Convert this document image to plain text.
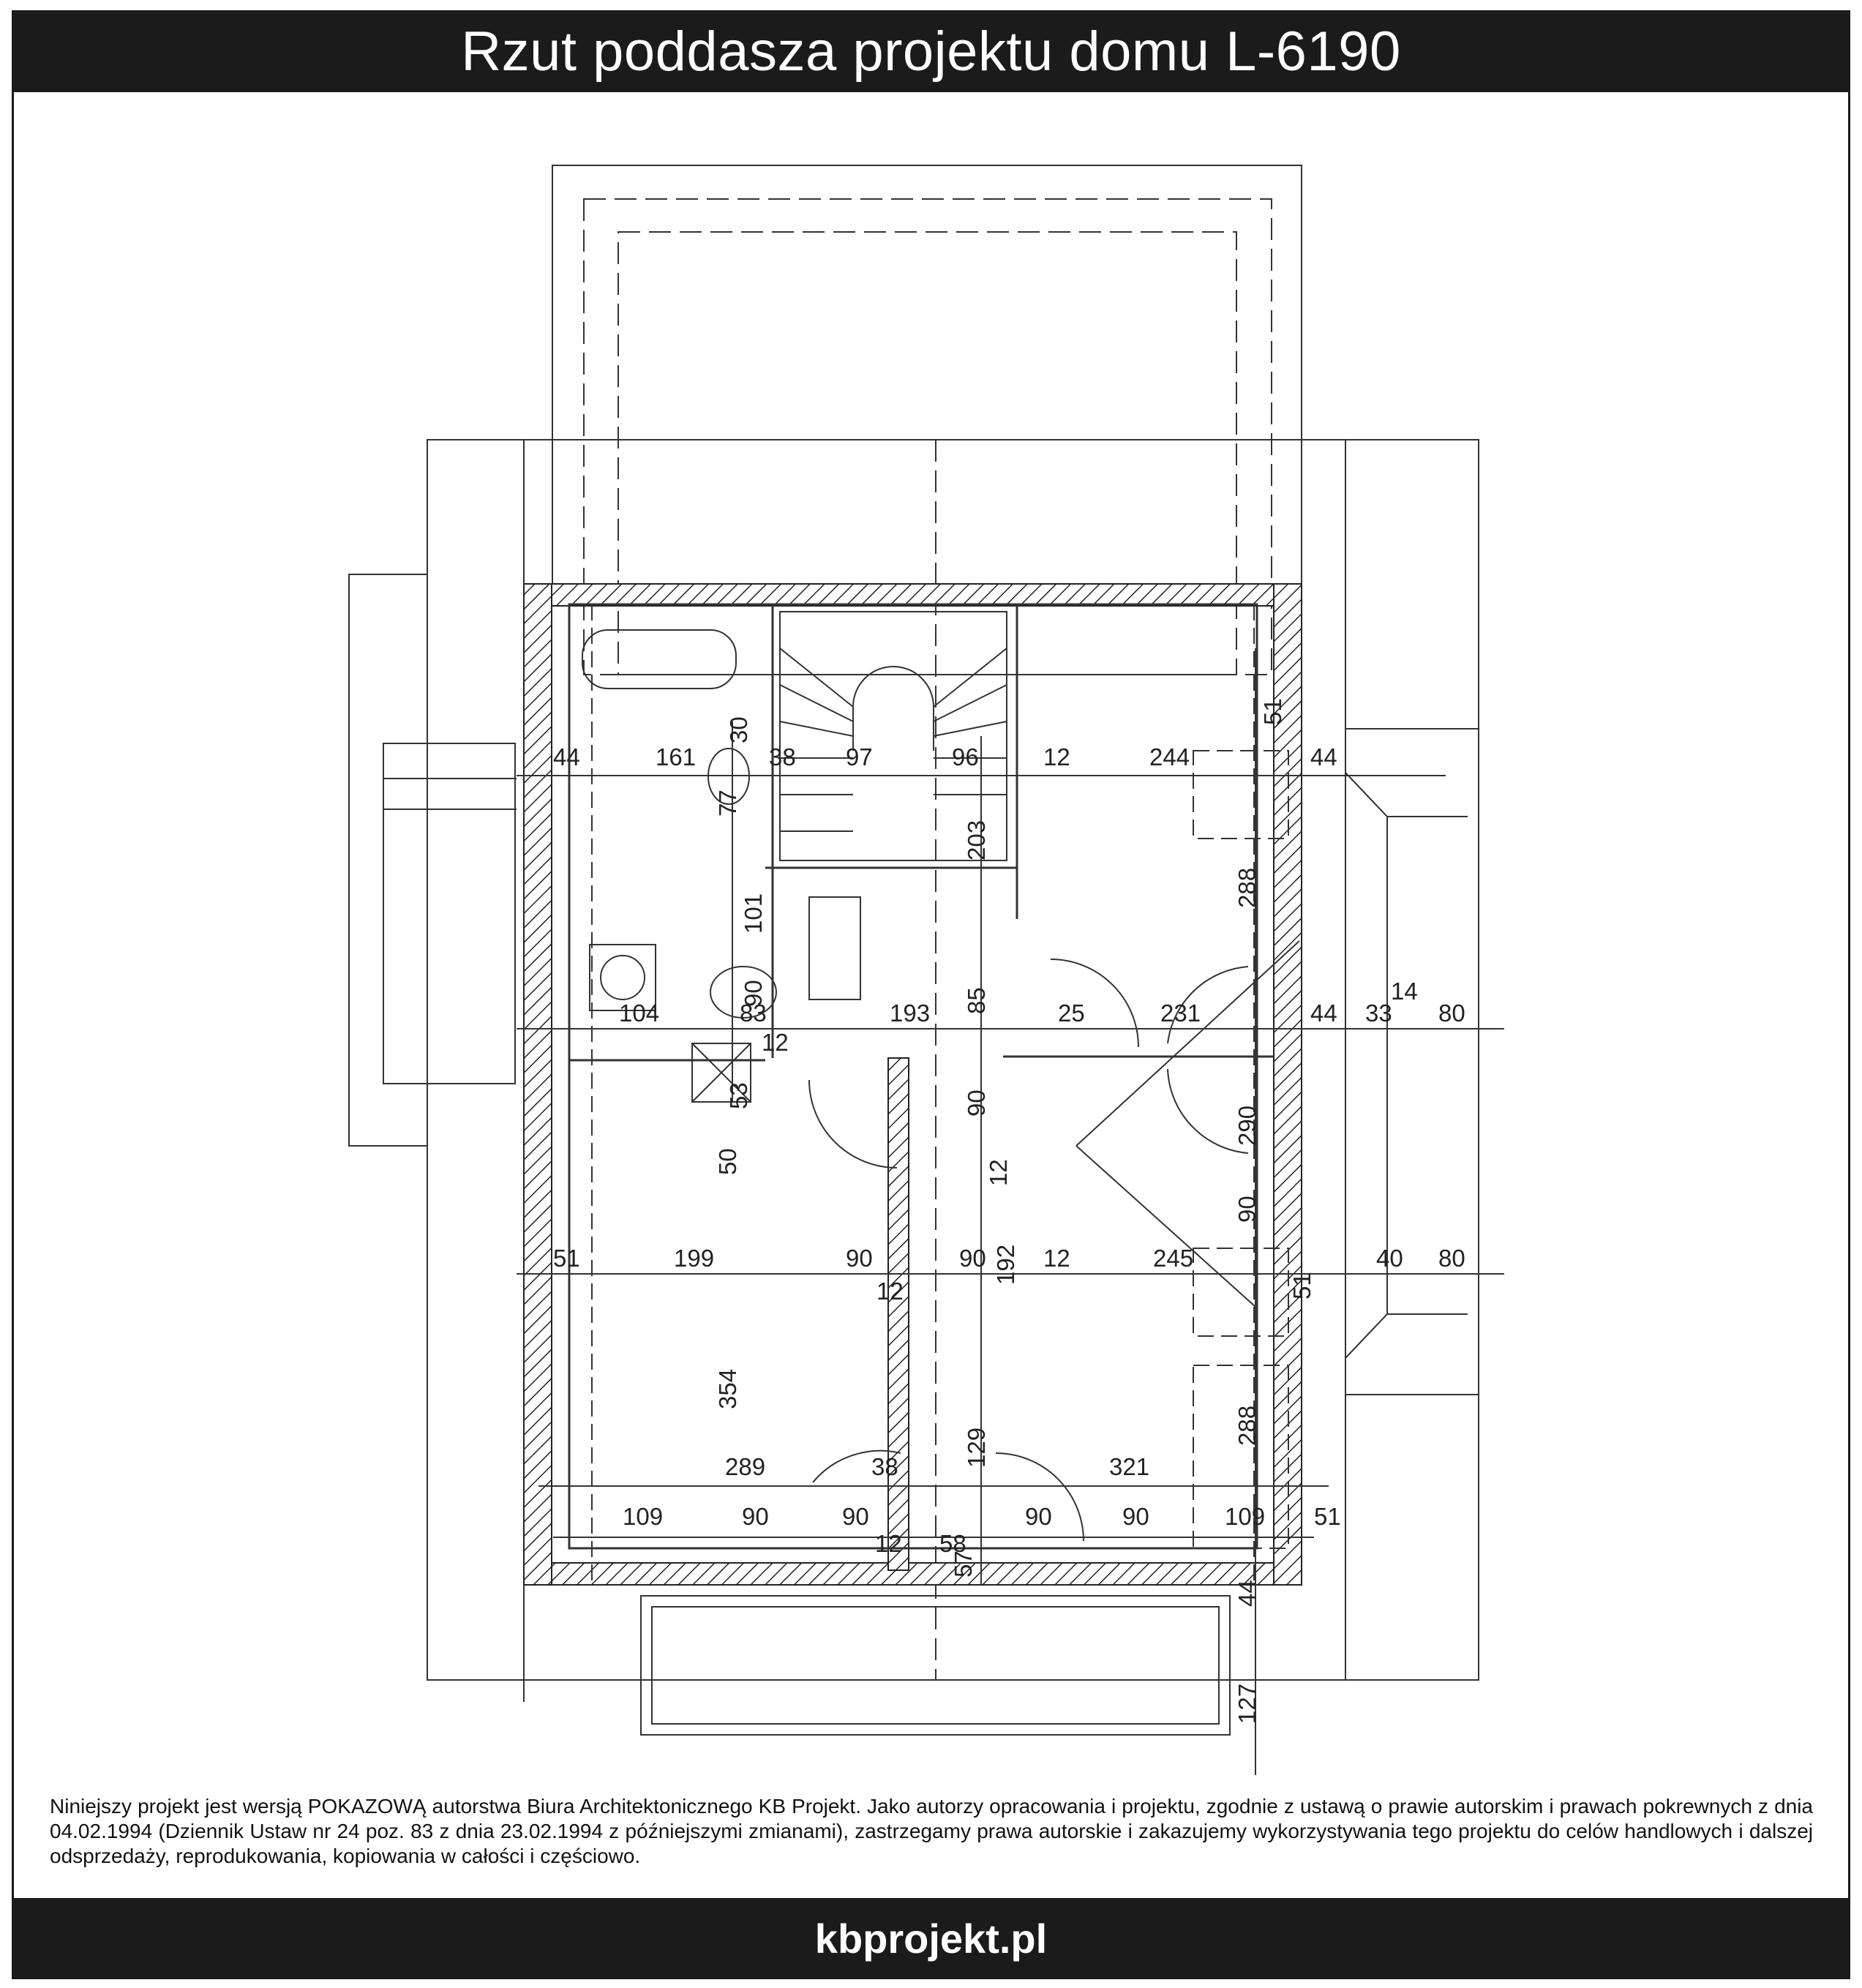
Rzut poddasza projektu domu L-6190
44	161
30
38 97	96	12	244	44
51
77
203
288
101
90	85
104	83	193	25	231	44 33
14
80
12
53	90
290
50	12
90
51	199	90	90 192 12	245
51
40 80
12
354
288
129
289	38	321
109	90	90	90	90	109 51
12 58
57
44
127
Niniejszy projekt jest wersją POKAZOWĄ autorstwa Biura Architektonicznego KB Projekt. Jako autorzy opracowania i projektu, zgodnie z ustawą o prawie autorskim i prawach pokrewnych z dnia 04.02.1994 (Dziennik Ustaw nr 24 poz. 83 z dnia 23.02.1994 z późniejszymi zmianami), zastrzegamy prawa autorskie i zakazujemy wykorzystywania tego projektu do celów handlowych i dalszej odsprzedaży, reprodukowania, kopiowania w całości i częściowo.
kbprojekt.pl
